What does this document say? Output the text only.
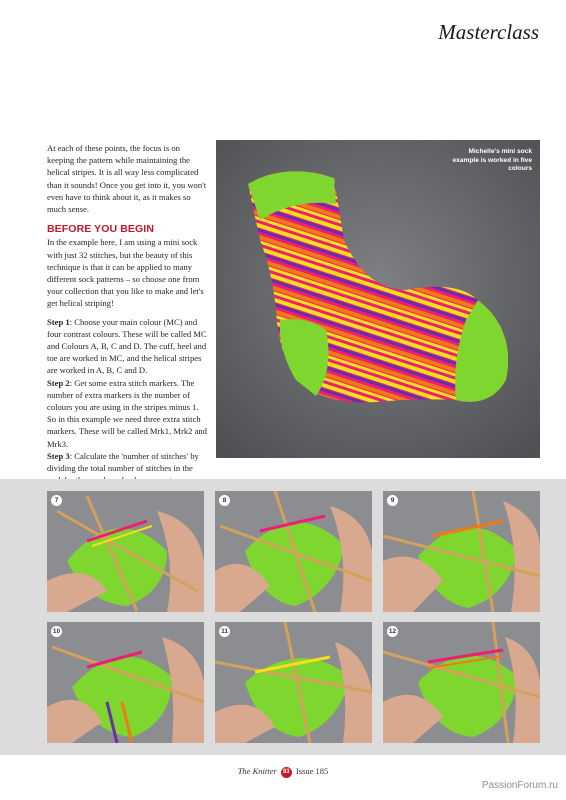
Masterclass

At each of these points, the focus is on keeping the pattern while maintaining the helical stripes. It is all way less complicated than it sounds! Once you get into it, you won't even have to think about it, as it makes so much sense.

BEFORE YOU BEGIN

In the example here, I am using a mini sock with just 32 stitches, but the beauty of this technique is that it can be applied to many different sock patterns – so choose one from your collection that you like to make and let's get helical striping!

Step 1: Choose your main colour (MC) and four contrast colours. These will be called MC and Colours A, B, C and D. The cuff, heel and toe are worked in MC, and the helical stripes are worked in A, B, C and D.

Step 2: Get some extra stitch markers. The number of extra markers is the number of colours you are using in the stripes minus 1. So in this example we need three extra stitch markers. These will be called Mrk1, Mrk2 and Mrk3.

Step 3: Calculate the 'number of stitches' by dividing the total number of stitches in the

Michelle's mini sock example is worked in five colours
7	8	9
10	11	12
The Knitter 83 Issue 185
PassionForum.ru
